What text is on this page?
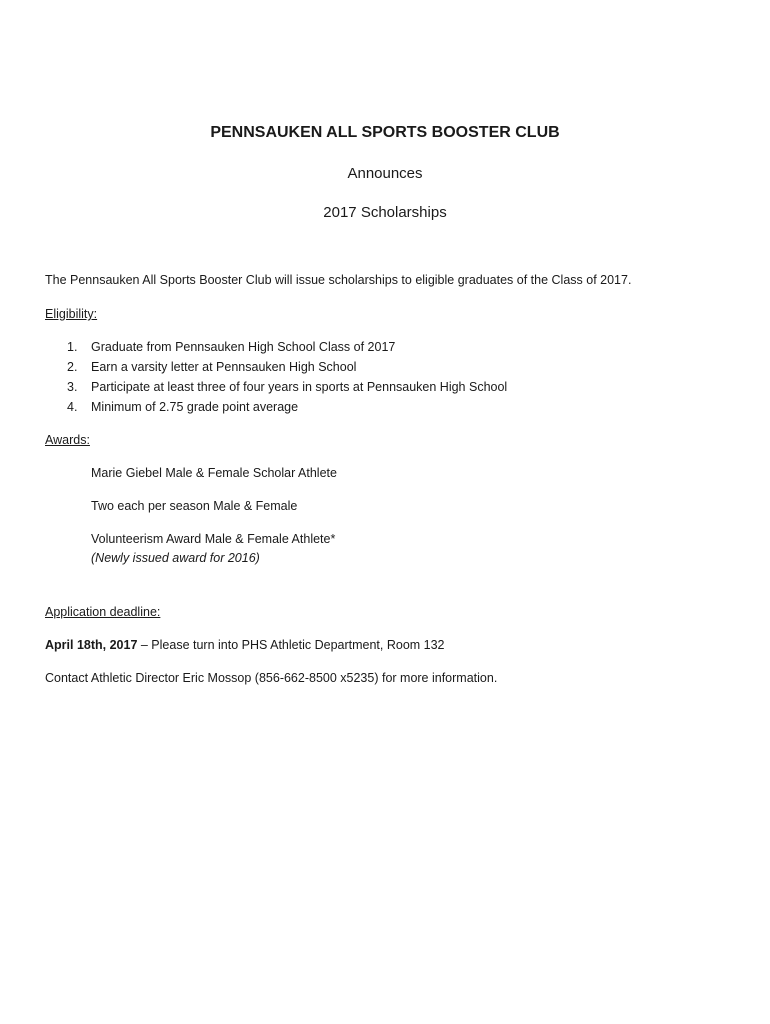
PENNSAUKEN ALL SPORTS BOOSTER CLUB
Announces
2017 Scholarships
The Pennsauken All Sports Booster Club will issue scholarships to eligible graduates of the Class of 2017.
Eligibility:
1. Graduate from Pennsauken High School Class of 2017
2. Earn a varsity letter at Pennsauken High School
3. Participate at least three of four years in sports at Pennsauken High School
4. Minimum of 2.75 grade point average
Awards:
Marie Giebel Male & Female Scholar Athlete
Two each per season Male & Female
Volunteerism Award Male & Female Athlete*
(Newly issued award for 2016)
Application deadline:
April 18th, 2017 – Please turn into PHS Athletic Department, Room 132
Contact Athletic Director Eric Mossop (856-662-8500 x5235) for more information.
